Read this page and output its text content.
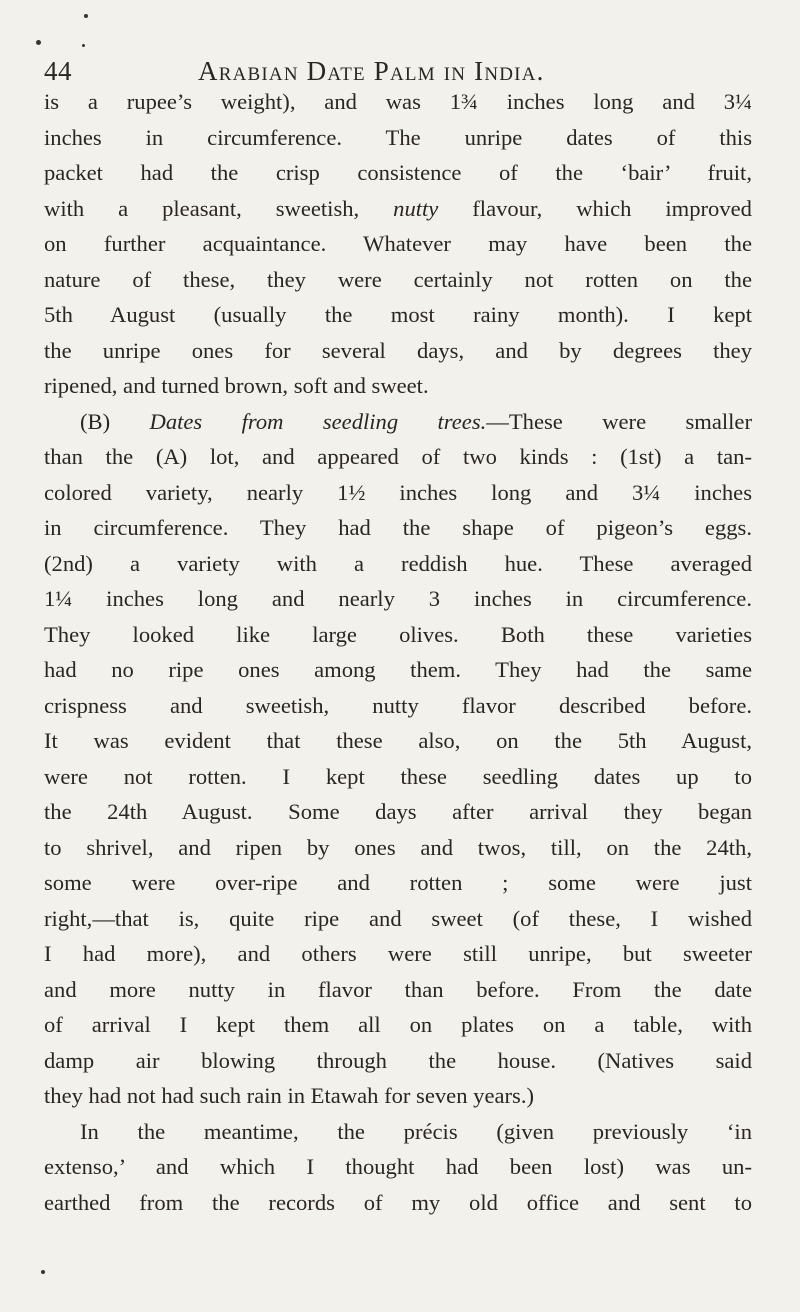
44	Arabian Date Palm in India.
is a rupee’s weight), and was 1¾ inches long and 3¼
inches in circumference. The unripe dates of this
packet had the crisp consistence of the ‘bair’ fruit,
with a pleasant, sweetish, nutty flavour, which improved
on further acquaintance. Whatever may have been the
nature of these, they were certainly not rotten on the
5th August (usually the most rainy month). I kept
the unripe ones for several days, and by degrees they
ripened, and turned brown, soft and sweet.
(B) Dates from seedling trees.—These were smaller
than the (A) lot, and appeared of two kinds : (1st) a tan-
colored variety, nearly 1½ inches long and 3¼ inches
in circumference. They had the shape of pigeon’s eggs.
(2nd) a variety with a reddish hue. These averaged
1¼ inches long and nearly 3 inches in circumference.
They looked like large olives. Both these varieties
had no ripe ones among them. They had the same
crispness and sweetish, nutty flavor described before.
It was evident that these also, on the 5th August,
were not rotten. I kept these seedling dates up to
the 24th August. Some days after arrival they began
to shrivel, and ripen by ones and twos, till, on the 24th,
some were over-ripe and rotten ; some were just
right,—that is, quite ripe and sweet (of these, I wished
I had more), and others were still unripe, but sweeter
and more nutty in flavor than before. From the date
of arrival I kept them all on plates on a table, with
damp air blowing through the house. (Natives said
they had not had such rain in Etawah for seven years.)
In the meantime, the précis (given previously ‘in
extenso,’ and which I thought had been lost) was un-
earthed from the records of my old office and sent to
